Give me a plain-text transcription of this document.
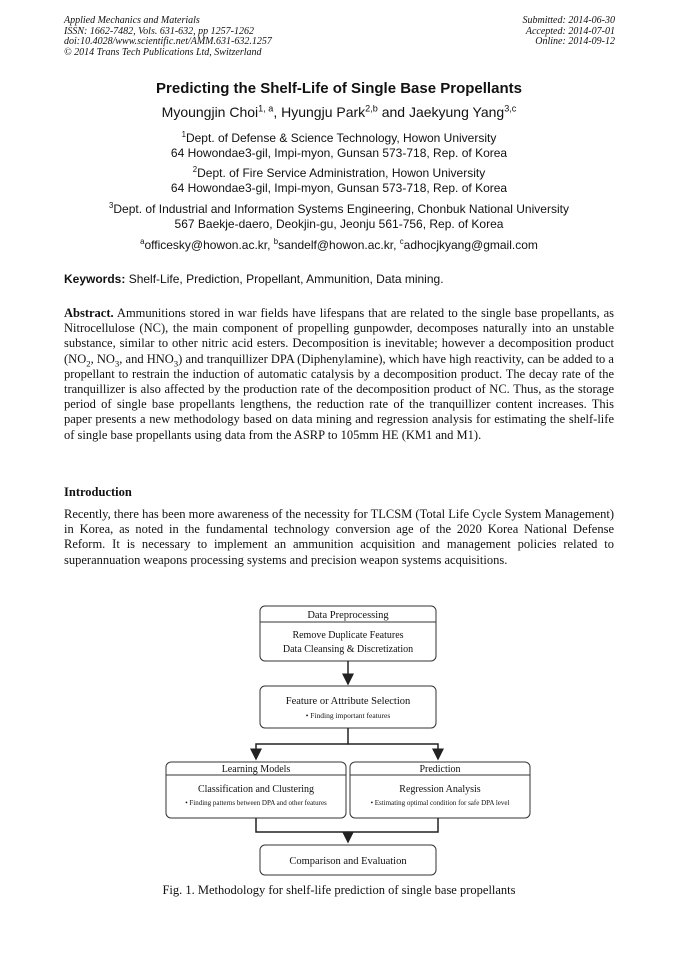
Applied Mechanics and Materials
ISSN: 1662-7482, Vols. 631-632, pp 1257-1262
doi:10.4028/www.scientific.net/AMM.631-632.1257
© 2014 Trans Tech Publications Ltd, Switzerland
Submitted: 2014-06-30
Accepted: 2014-07-01
Online: 2014-09-12
Predicting the Shelf-Life of Single Base Propellants
Myoungjin Choi$^{1, a}$, Hyungju Park$^{2,b}$ and Jaekyung Yang$^{3,c}$
$^1$Dept. of Defense & Science Technology, Howon University
64 Howondae3-gil, Impi-myon, Gunsan 573-718, Rep. of Korea
$^2$Dept. of Fire Service Administration, Howon University
64 Howondae3-gil, Impi-myon, Gunsan 573-718, Rep. of Korea
$^3$Dept. of Industrial and Information Systems Engineering, Chonbuk National University
567 Baekje-daero, Deokjin-gu, Jeonju 561-756, Rep. of Korea
$^a$officesky@howon.ac.kr, $^b$sandelf@howon.ac.kr, $^c$adhocjkyang@gmail.com
Keywords: Shelf-Life, Prediction, Propellant, Ammunition, Data mining.
Abstract. Ammunitions stored in war fields have lifespans that are related to the single base propellants, as Nitrocellulose (NC), the main component of propelling gunpowder, decomposes naturally into an unstable substance, similar to other nitric acid esters. Decomposition is inevitable; however a decomposition product ($NO_2$, $NO_3$, and $HNO_3$) and tranquillizer DPA (Diphenylamine), which have high reactivity, can be added to a propellant to restrain the induction of automatic catalysis by a decomposition product. The decay rate of the tranquillizer is also affected by the production rate of the decomposition product of NC. Thus, as the storage period of single base propellants lengthens, the reduction rate of the tranquillizer content increases. This paper presents a new methodology based on data mining and regression analysis for estimating the shelf-life of single base propellants using data from the ASRP to 105mm HE (KM1 and M1).
Introduction
Recently, there has been more awareness of the necessity for TLCSM (Total Life Cycle System Management) in Korea, as noted in the fundamental technology conversion age of the 2020 Korea National Defense Reform. It is necessary to implement an ammunition acquisition and management policies related to superannuation weapons processing systems and precision weapon systems acquisitions.
Data Preprocessing
Remove Duplicate Features
Data Cleansing & Discretization
Feature or Attribute Selection
• Finding important features
Learning Models
Classification and Clustering
• Finding patterns between DPA and other features
Prediction
Regression Analysis
• Estimating optimal condition for safe DPA level
Comparison and Evaluation
Fig. 1. Methodology for shelf-life prediction of single base propellants
